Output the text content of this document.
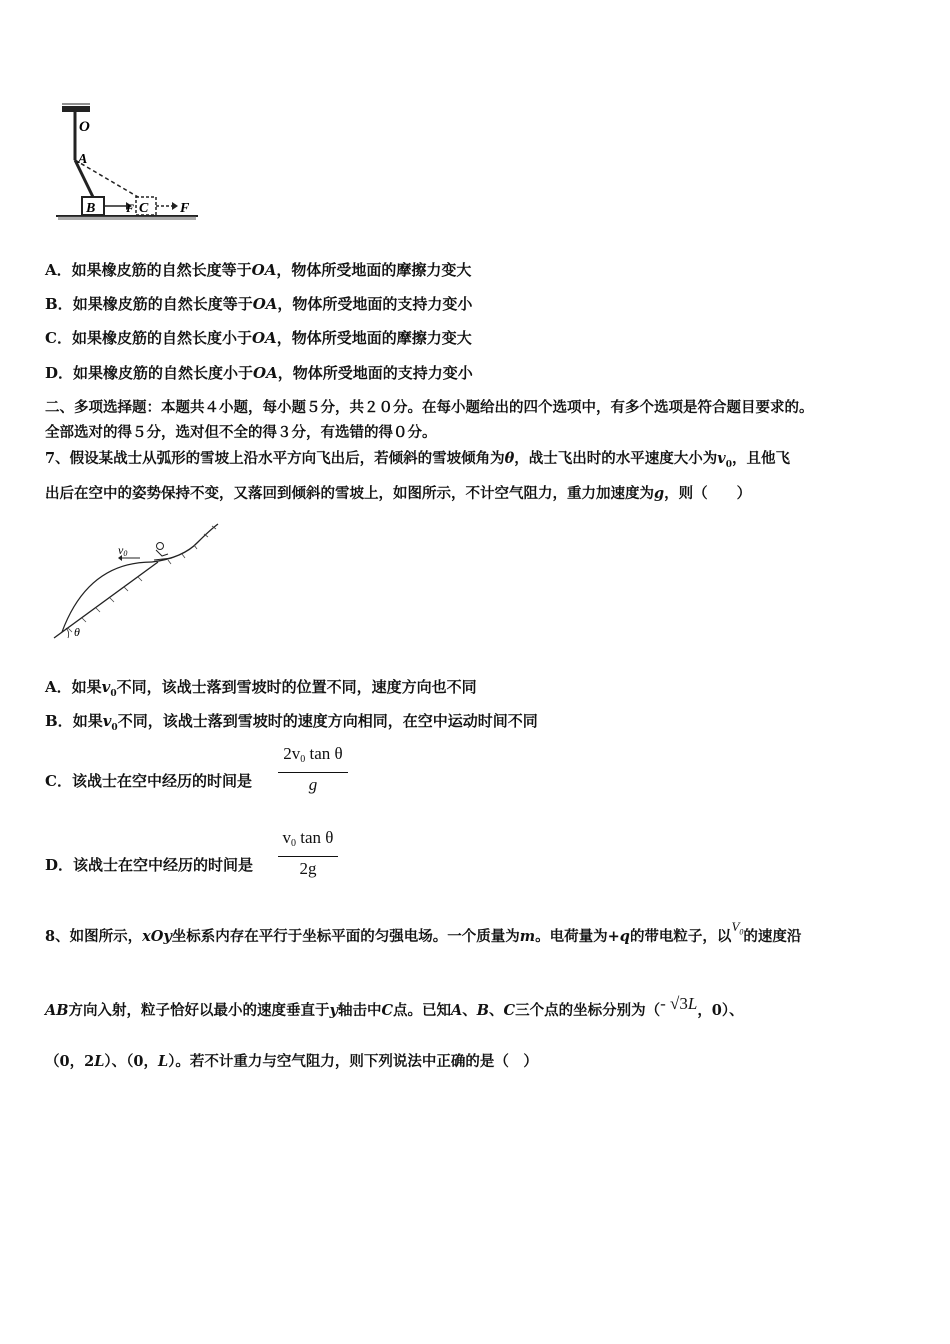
O
A
B	F C F
A．如果橡皮筋的自然长度等于OA，物体所受地面的摩擦力变大
B．如果橡皮筋的自然长度等于OA，物体所受地面的支持力变小
C．如果橡皮筋的自然长度小于OA，物体所受地面的摩擦力变大
D．如果橡皮筋的自然长度小于OA，物体所受地面的支持力变小
二、多项选择题：本题共４小题，每小题５分，共２０分。在每小题给出的四个选项中，有多个选项是符合题目要求的。
全部选对的得５分，选对但不全的得３分，有选错的得０分。
7、假设某战士从弧形的雪坡上沿水平方向飞出后，若倾斜的雪坡倾角为θ，战士飞出时的水平速度大小为$v_0$，且他飞
出后在空中的姿势保持不变，又落回到倾斜的雪坡上，如图所示，不计空气阻力，重力加速度为g，则（　　）
v0
θ
A．如果$v_0$不同，该战士落到雪坡时的位置不同，速度方向也不同
B．如果$v_0$不同，该战士落到雪坡时的速度方向相同，在空中运动时间不同
C．该战士在空中经历的时间是
$2v_0$ tan θ
g
D．该战士在空中经历的时间是
$v_0$ tan θ
2g
8、如图所示，xOy坐标系内存在平行于坐标平面的匀强电场。一个质量为m。电荷量为+q的带电粒子，以$V_0$的速度沿
AB方向入射，粒子恰好以最小的速度垂直于y轴击中C点。已知A、B、C三个点的坐标分别为（- √3L，0）、
（0，2L）、（0，L）。若不计重力与空气阻力，则下列说法中正确的是（　）
